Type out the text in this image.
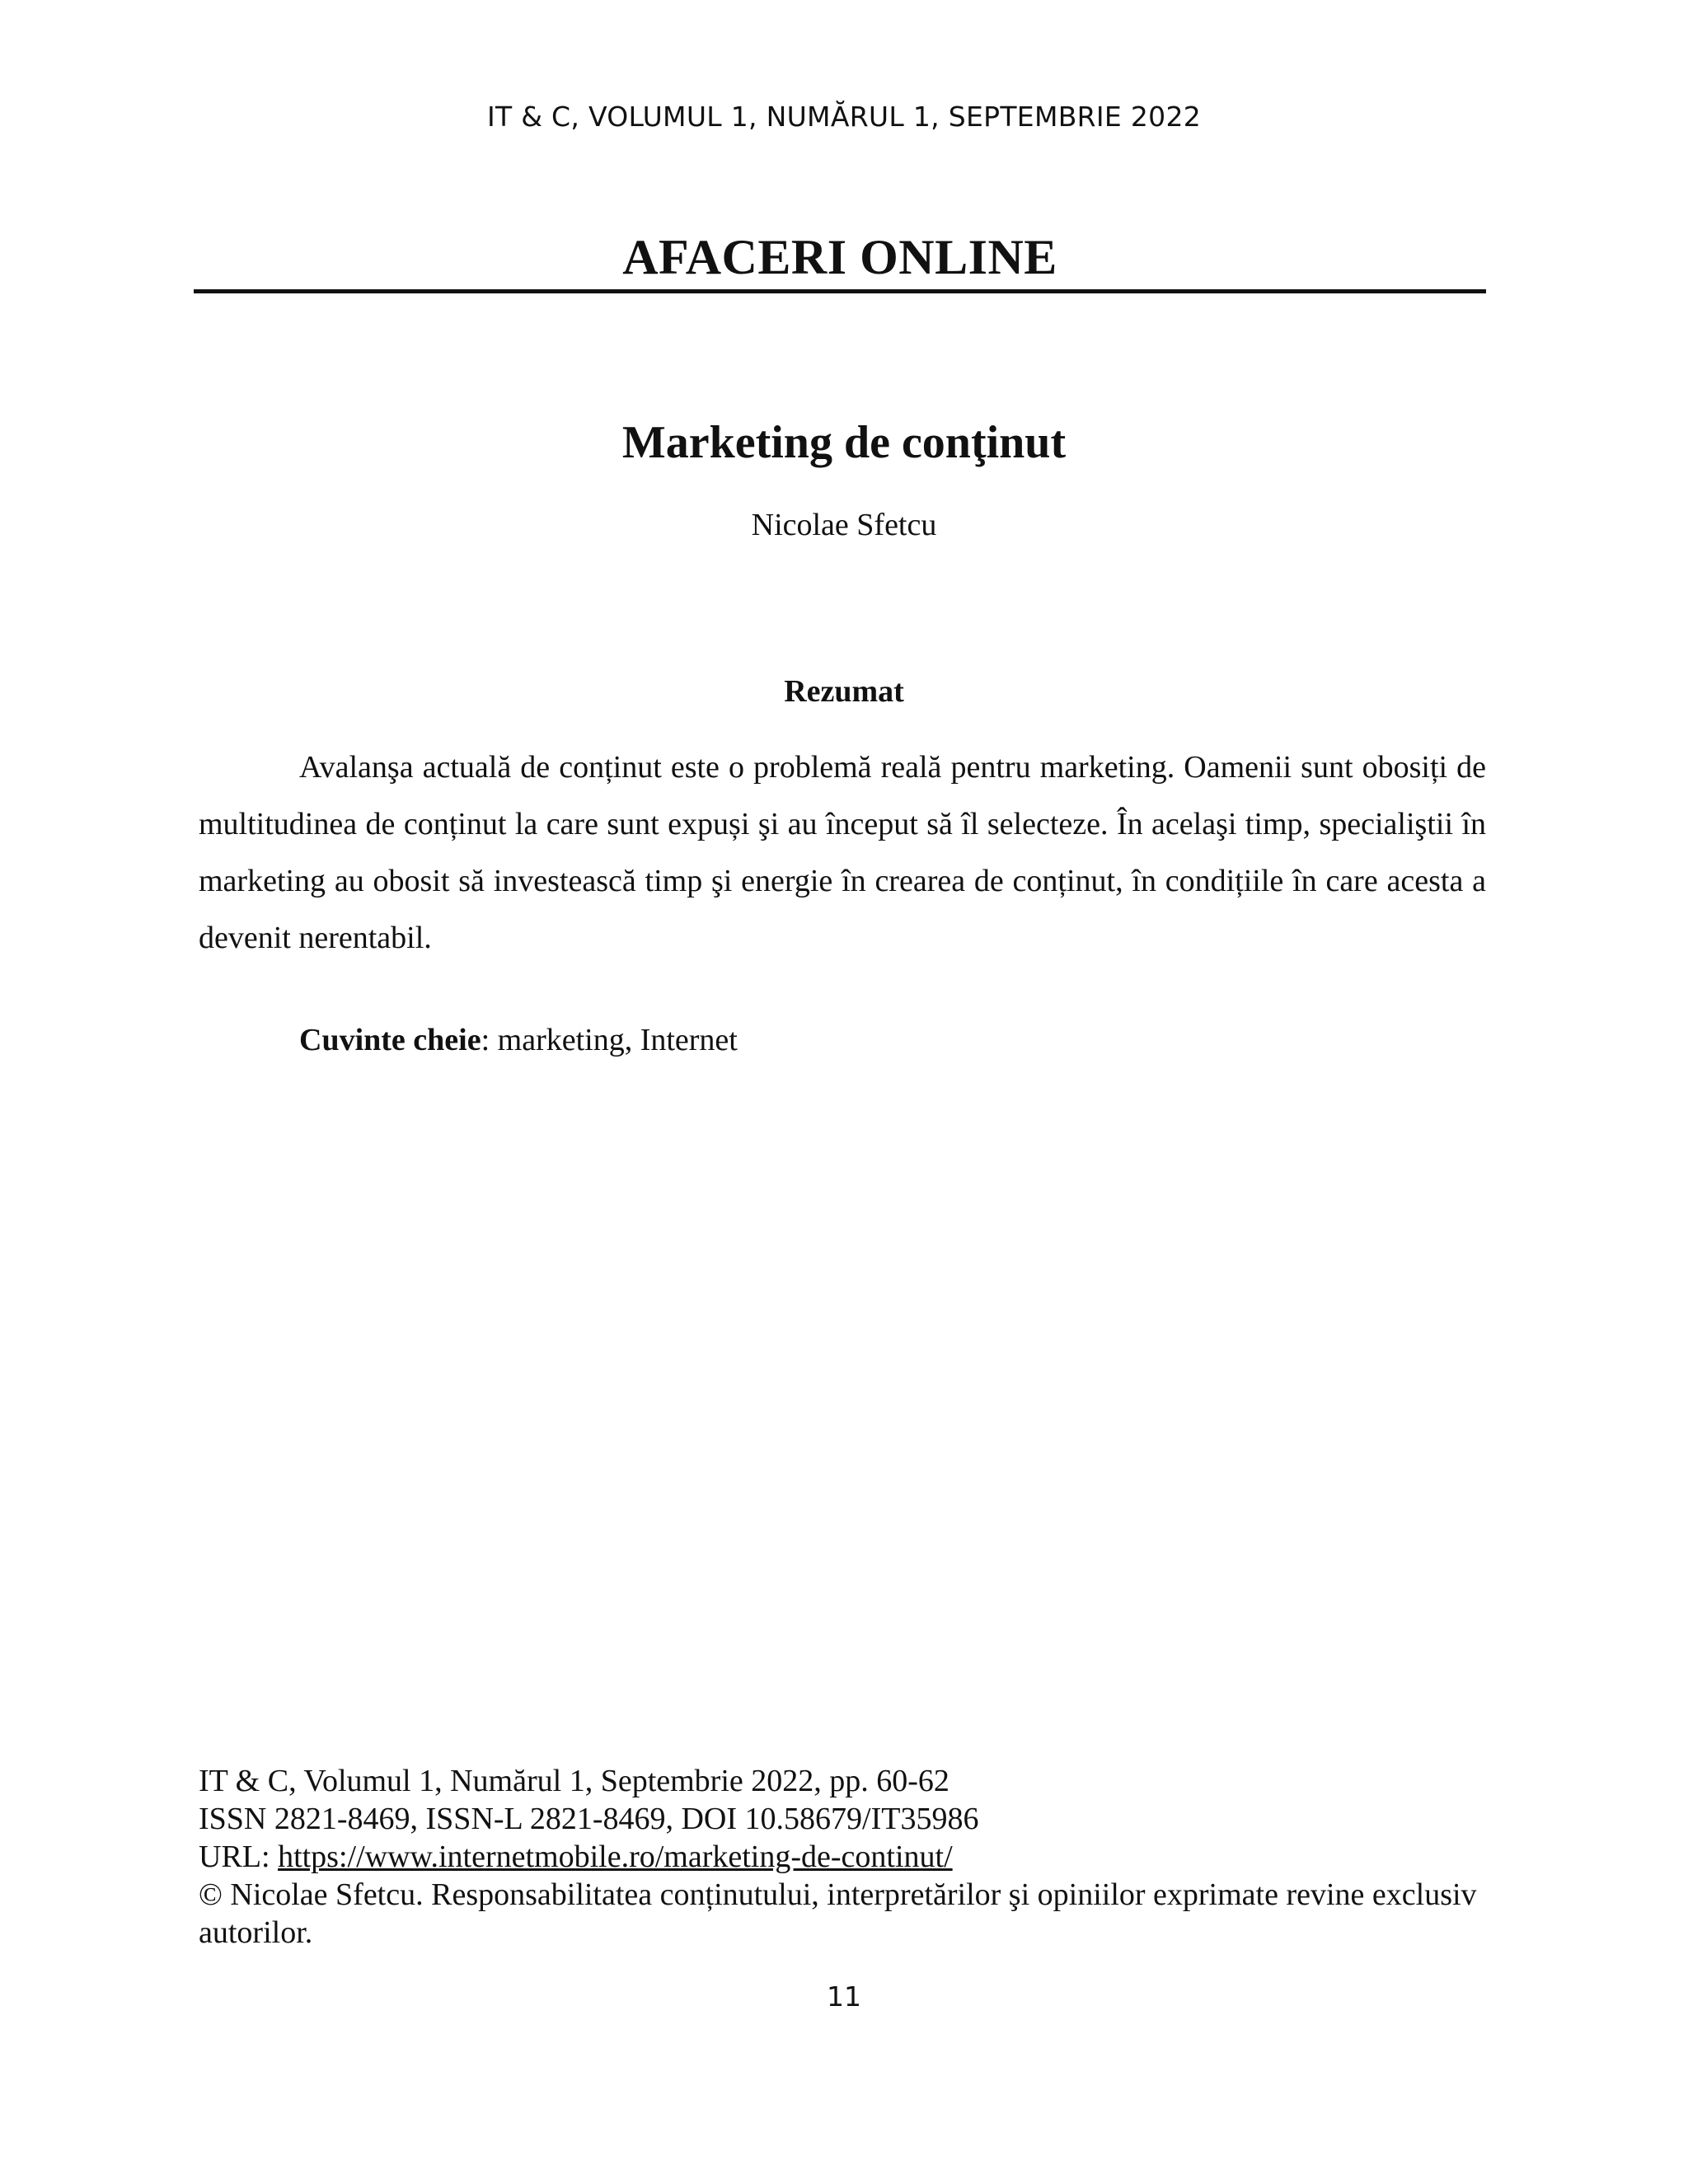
IT & C, VOLUMUL 1, NUMĂRUL 1, SEPTEMBRIE 2022
AFACERI ONLINE
Marketing de conţinut
Nicolae Sfetcu
Rezumat

Avalanşa actuală de conținut este o problemă reală pentru marketing. Oamenii sunt obosiți de multitudinea de conținut la care sunt expuși şi au început să îl selecteze. În acelaşi timp, specialiştii în marketing au obosit să investească timp şi energie în crearea de conținut, în condițiile în care acesta a devenit nerentabil.

Cuvinte cheie: marketing, Internet
IT & C, Volumul 1, Numărul 1, Septembrie 2022, pp. 60-62
ISSN 2821-8469, ISSN-L 2821-8469, DOI 10.58679/IT35986
URL: https://www.internetmobile.ro/marketing-de-continut/
© Nicolae Sfetcu. Responsabilitatea conținutului, interpretărilor şi opiniilor exprimate revine exclusiv autorilor.
11
